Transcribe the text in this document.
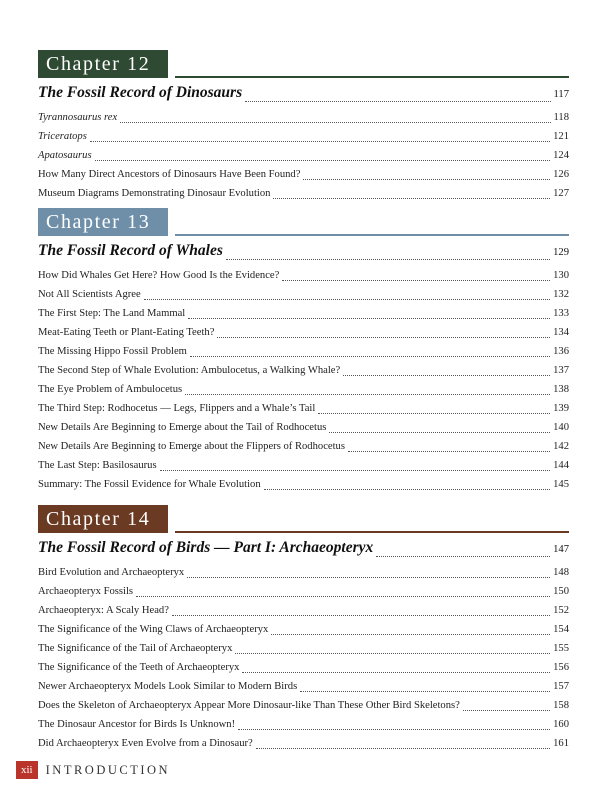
Chapter 12
The Fossil Record of Dinosaurs	117
Tyrannosaurus rex	118
Triceratops	121
Apatosaurus	124
How Many Direct Ancestors of Dinosaurs Have Been Found?	126
Museum Diagrams Demonstrating Dinosaur Evolution	127
Chapter 13
The Fossil Record of Whales	129
How Did Whales Get Here? How Good Is the Evidence?	130
Not All Scientists Agree	132
The First Step: The Land Mammal	133
Meat-Eating Teeth or Plant-Eating Teeth?	134
The Missing Hippo Fossil Problem	136
The Second Step of Whale Evolution: Ambulocetus, a Walking Whale?	137
The Eye Problem of Ambulocetus	138
The Third Step: Rodhocetus — Legs, Flippers and a Whale’s Tail	139
New Details Are Beginning to Emerge about the Tail of Rodhocetus	140
New Details Are Beginning to Emerge about the Flippers of Rodhocetus	142
The Last Step: Basilosaurus	144
Summary: The Fossil Evidence for Whale Evolution	145
Chapter 14
The Fossil Record of Birds — Part I: Archaeopteryx	147
Bird Evolution and Archaeopteryx	148
Archaeopteryx Fossils	150
Archaeopteryx: A Scaly Head?	152
The Significance of the Wing Claws of Archaeopteryx	154
The Significance of the Tail of Archaeopteryx	155
The Significance of the Teeth of Archaeopteryx	156
Newer Archaeopteryx Models Look Similar to Modern Birds	157
Does the Skeleton of Archaeopteryx Appear More Dinosaur-like Than These Other Bird Skeletons?	158
The Dinosaur Ancestor for Birds Is Unknown!	160
Did Archaeopteryx Even Evolve from a Dinosaur?	161
xii	INTRODUCTION
